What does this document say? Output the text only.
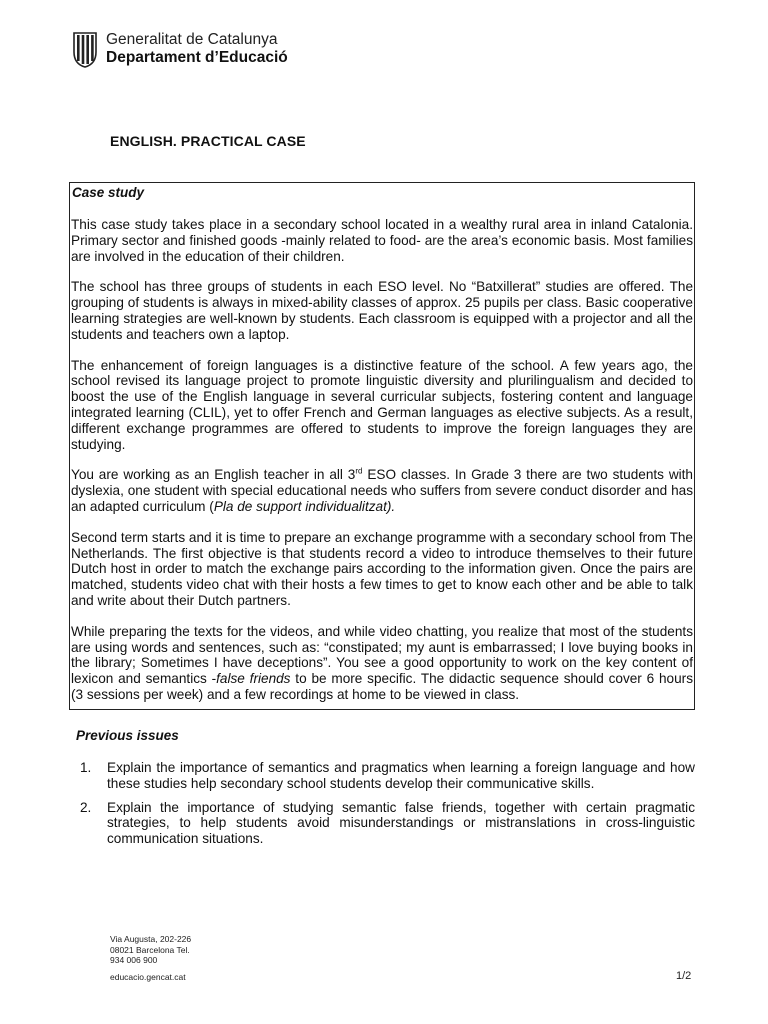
Generalitat de Catalunya
Departament d’Educació
ENGLISH. PRACTICAL CASE
Case study

This case study takes place in a secondary school located in a wealthy rural area in inland Catalonia. Primary sector and finished goods -mainly related to food- are the area’s economic basis. Most families are involved in the education of their children.

The school has three groups of students in each ESO level. No “Batxillerat” studies are offered. The grouping of students is always in mixed-ability classes of approx. 25 pupils per class. Basic cooperative learning strategies are well-known by students. Each classroom is equipped with a projector and all the students and teachers own a laptop.

The enhancement of foreign languages is a distinctive feature of the school. A few years ago, the school revised its language project to promote linguistic diversity and plurilingualism and decided to boost the use of the English language in several curricular subjects, fostering content and language integrated learning (CLIL), yet to offer French and German languages as elective subjects. As a result, different exchange programmes are offered to students to improve the foreign languages they are studying.

You are working as an English teacher in all 3rd ESO classes. In Grade 3 there are two students with dyslexia, one student with special educational needs who suffers from severe conduct disorder and has an adapted curriculum (Pla de support individualitzat).

Second term starts and it is time to prepare an exchange programme with a secondary school from The Netherlands. The first objective is that students record a video to introduce themselves to their future Dutch host in order to match the exchange pairs according to the information given. Once the pairs are matched, students video chat with their hosts a few times to get to know each other and be able to talk and write about their Dutch partners.

While preparing the texts for the videos, and while video chatting, you realize that most of the students are using words and sentences, such as: “constipated; my aunt is embarrassed; I love buying books in the library; Sometimes I have deceptions”. You see a good opportunity to work on the key content of lexicon and semantics -false friends to be more specific. The didactic sequence should cover 6 hours (3 sessions per week) and a few recordings at home to be viewed in class.

Previous issues
1.	Explain the importance of semantics and pragmatics when learning a foreign language and how these studies help secondary school students develop their communicative skills.
2.	Explain the importance of studying semantic false friends, together with certain pragmatic strategies, to help students avoid misunderstandings or mistranslations in cross-linguistic communication situations.
Via Augusta, 202-226
08021 Barcelona Tel.
934 006 900
educacio.gencat.cat	1/2
